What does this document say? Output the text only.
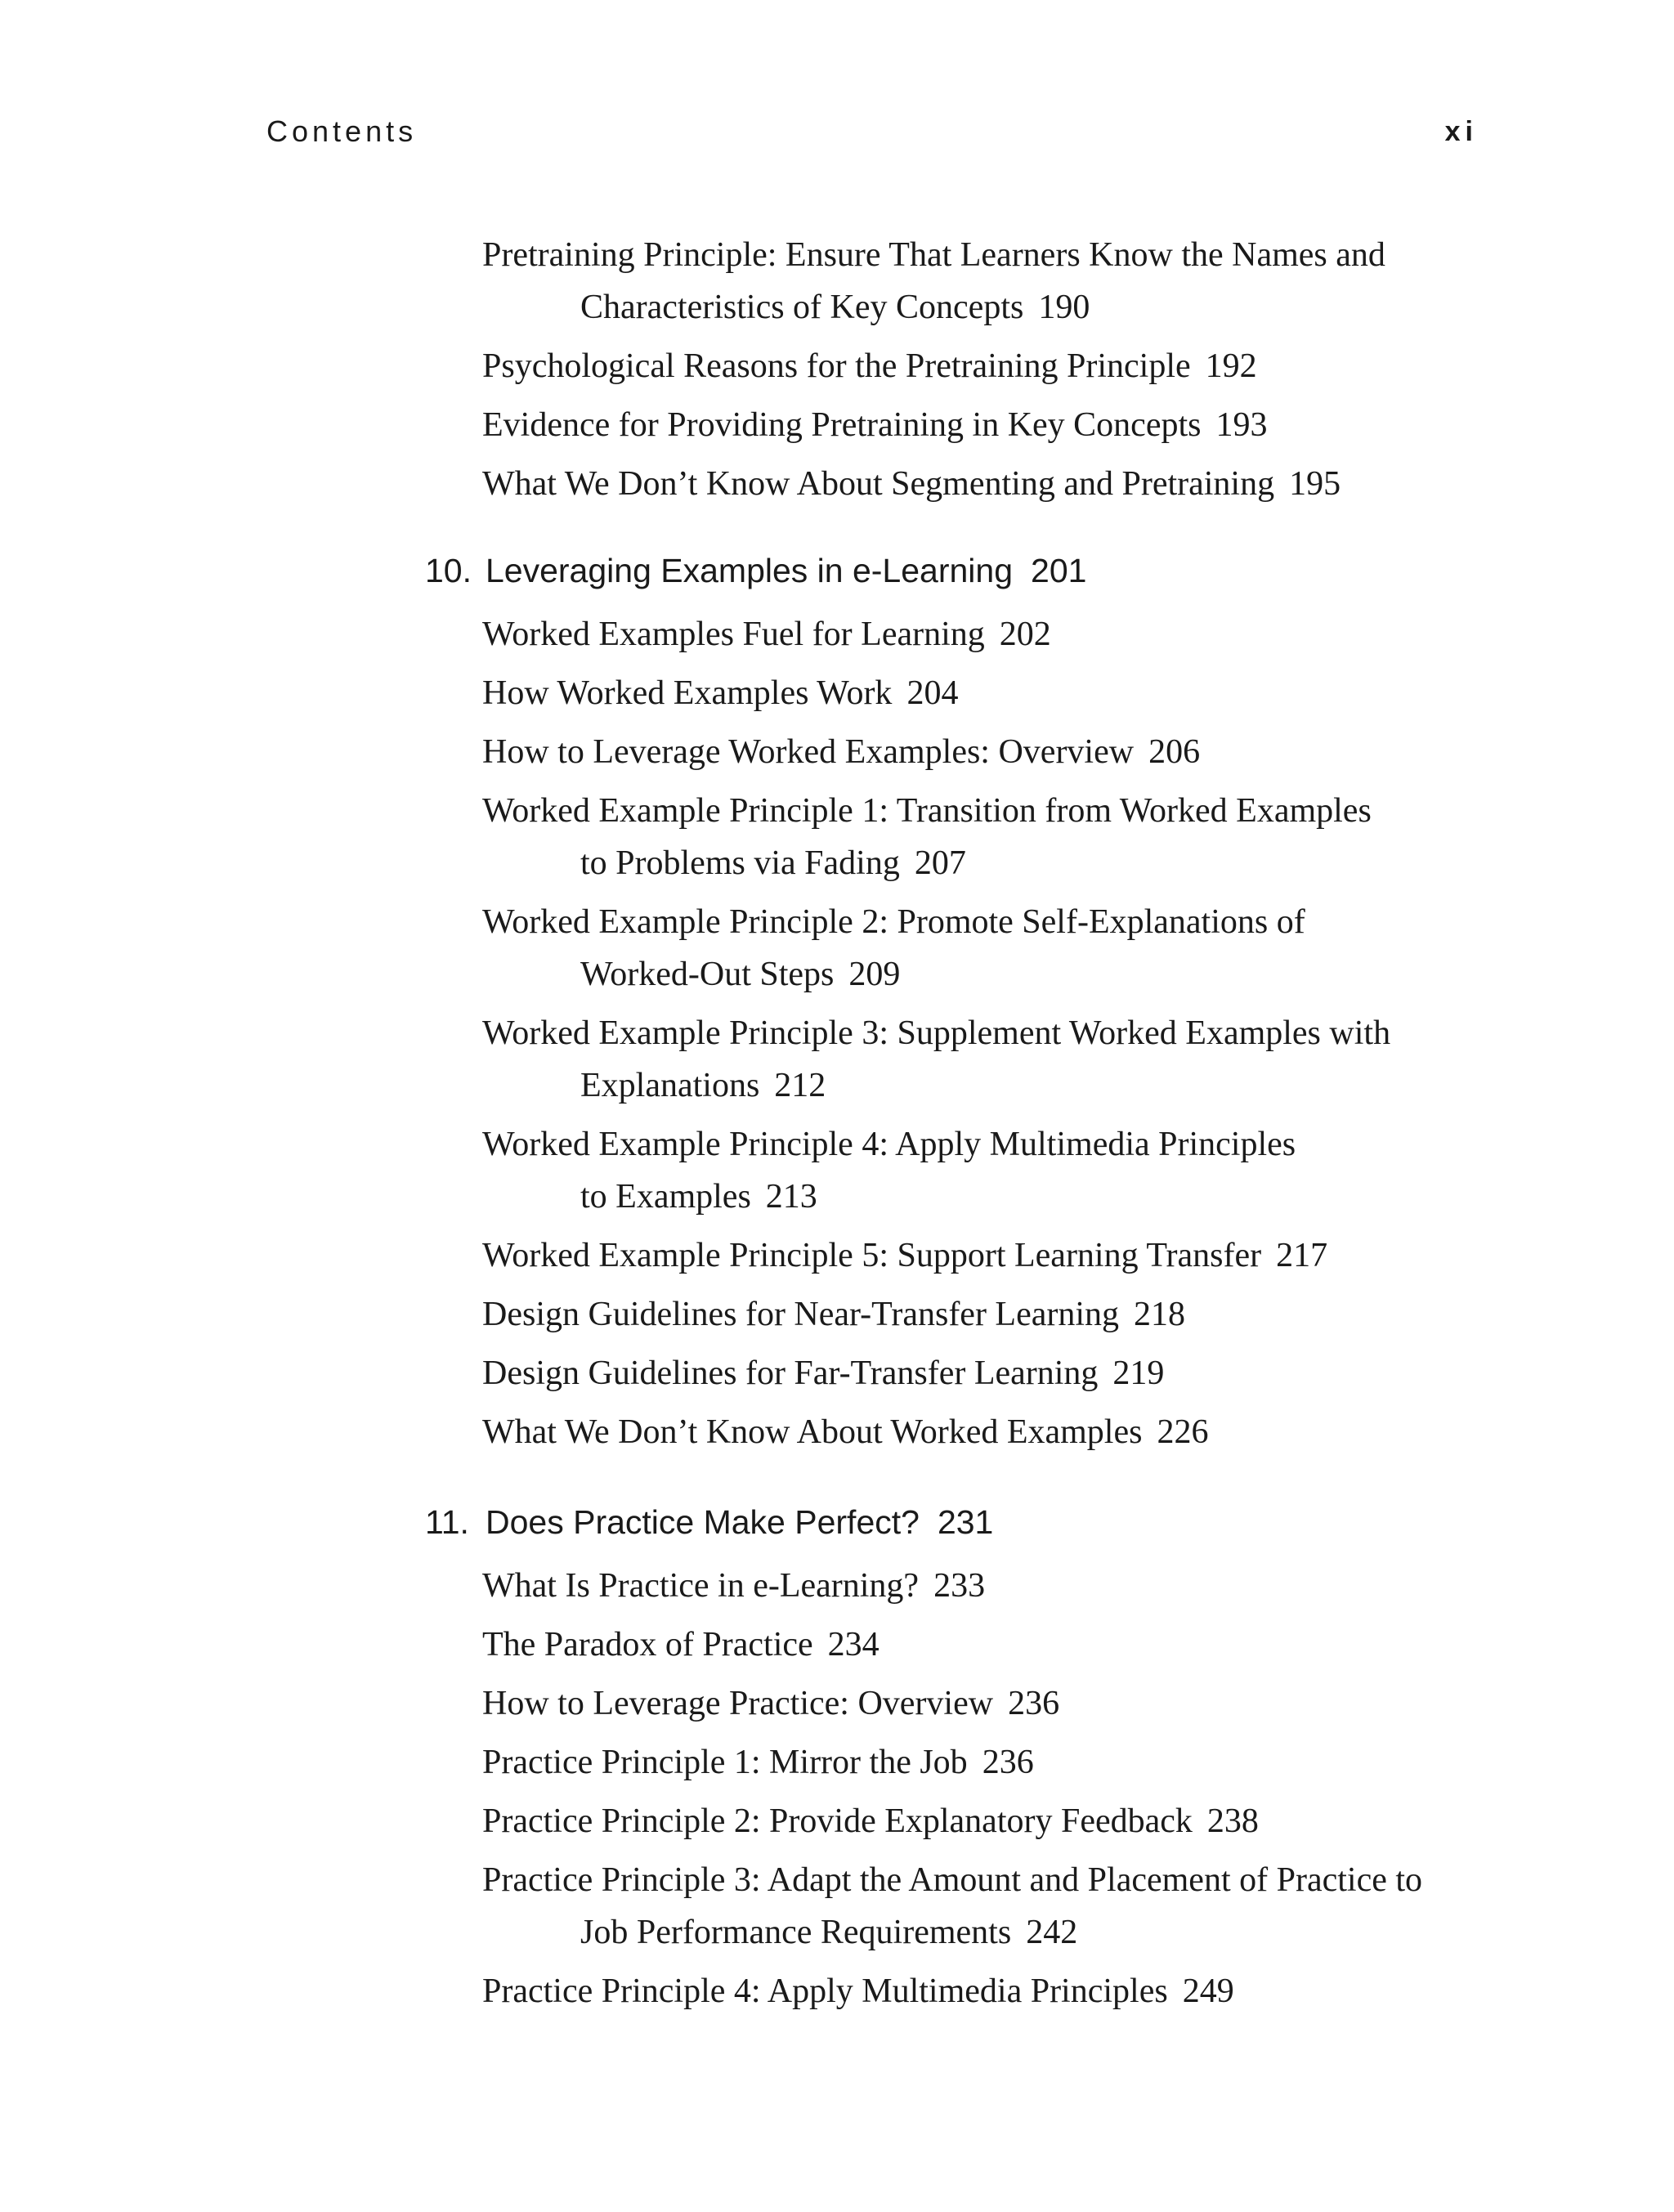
Contents	xi
Pretraining Principle: Ensure That Learners Know the Names and
Characteristics of Key Concepts 190
Psychological Reasons for the Pretraining Principle 192
Evidence for Providing Pretraining in Key Concepts 193
What We Don’t Know About Segmenting and Pretraining 195
10. Leveraging Examples in e-Learning 201
Worked Examples Fuel for Learning 202
How Worked Examples Work 204
How to Leverage Worked Examples: Overview 206
Worked Example Principle 1: Transition from Worked Examples
to Problems via Fading 207
Worked Example Principle 2: Promote Self-Explanations of
Worked-Out Steps 209
Worked Example Principle 3: Supplement Worked Examples with
Explanations 212
Worked Example Principle 4: Apply Multimedia Principles
to Examples 213
Worked Example Principle 5: Support Learning Transfer 217
Design Guidelines for Near-Transfer Learning 218
Design Guidelines for Far-Transfer Learning 219
What We Don’t Know About Worked Examples 226
11. Does Practice Make Perfect? 231
What Is Practice in e-Learning? 233
The Paradox of Practice 234
How to Leverage Practice: Overview 236
Practice Principle 1: Mirror the Job 236
Practice Principle 2: Provide Explanatory Feedback 238
Practice Principle 3: Adapt the Amount and Placement of Practice to
Job Performance Requirements 242
Practice Principle 4: Apply Multimedia Principles 249
